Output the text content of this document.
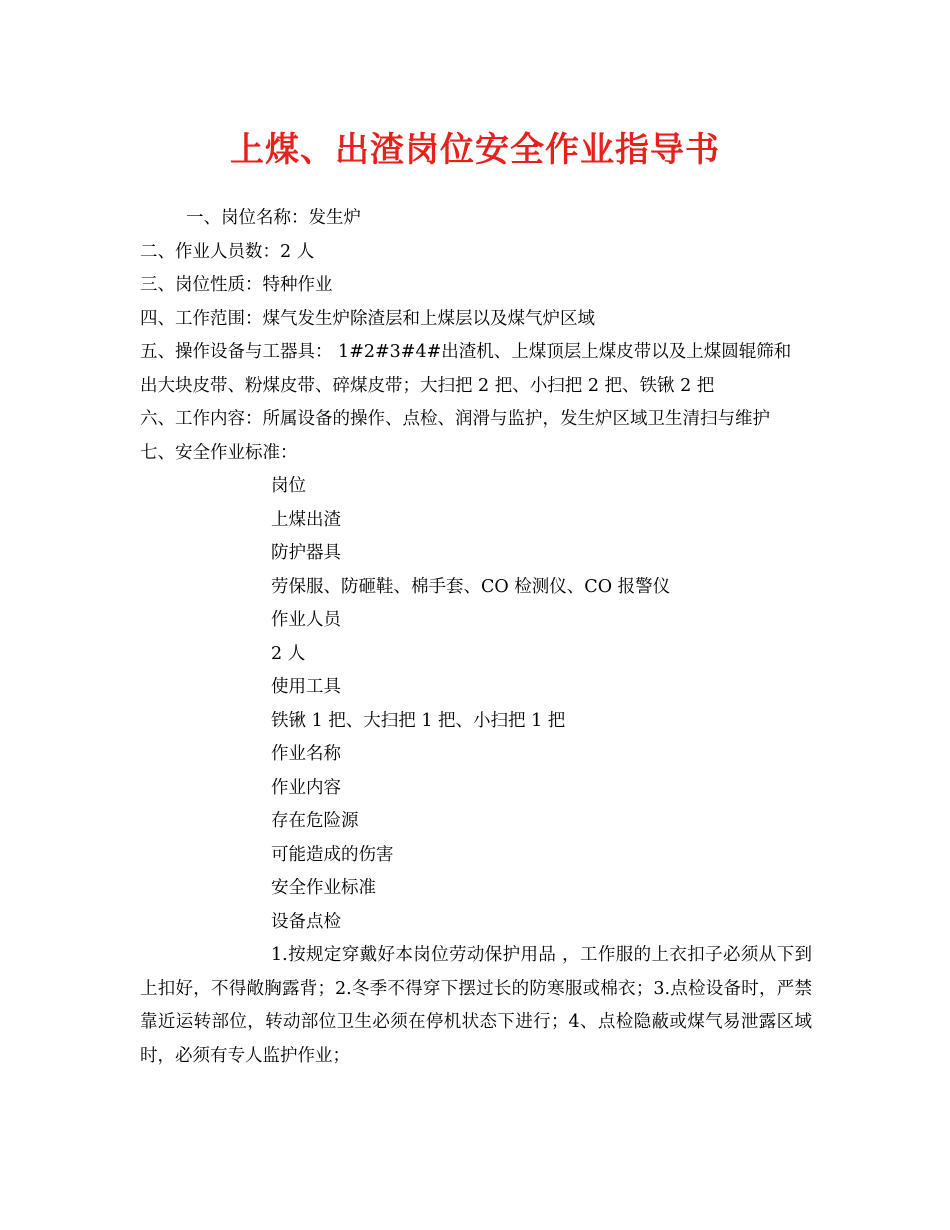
上煤、出渣岗位安全作业指导书
一、岗位名称：发生炉
二、作业人员数：2 人
三、岗位性质：特种作业
四、工作范围：煤气发生炉除渣层和上煤层以及煤气炉区域
五、操作设备与工器具： 1#2#3#4#出渣机、上煤顶层上煤皮带以及上煤圆辊筛和
出大块皮带、粉煤皮带、碎煤皮带；大扫把 2 把、小扫把 2 把、铁锹 2 把
六、工作内容：所属设备的操作、点检、润滑与监护，发生炉区域卫生清扫与维护
七、安全作业标准：
岗位
上煤出渣
防护器具
劳保服、防砸鞋、棉手套、CO 检测仪、CO 报警仪
作业人员
2 人
使用工具
铁锹 1 把、大扫把 1 把、小扫把 1 把
作业名称
作业内容
存在危险源
可能造成的伤害
安全作业标准
设备点检
1.按规定穿戴好本岗位劳动保护用品 ，工作服的上衣扣子必须从下到上扣好，不得敞胸露背；2.冬季不得穿下摆过长的防寒服或棉衣；3.点检设备时，严禁靠近运转部位，转动部位卫生必须在停机状态下进行；4、点检隐蔽或煤气易泄露区域时，必须有专人监护作业；
